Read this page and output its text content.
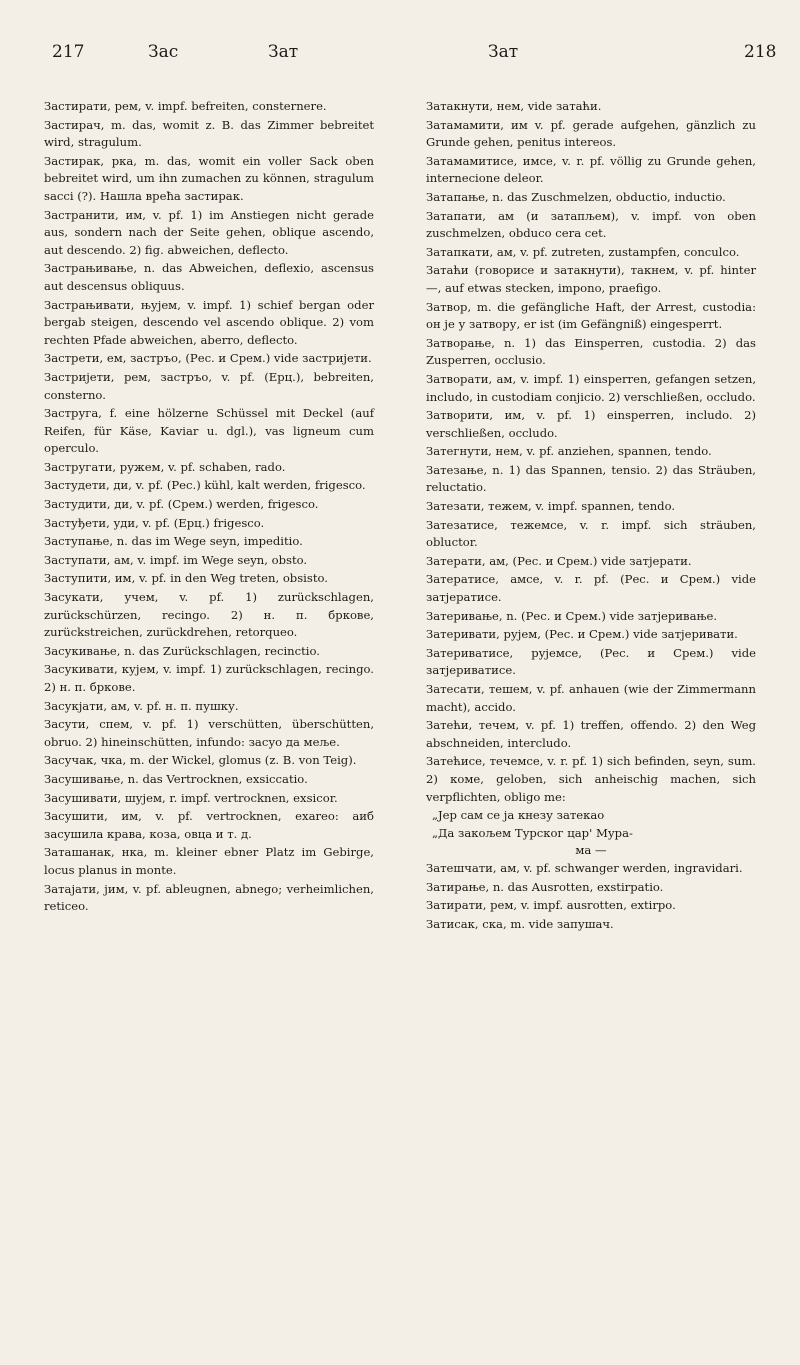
217	Зас	Зат	Зат	218

Застирати, рем, v. impf. befreiten, consternere.

Застирач, m. das, womit z. B. das Zimmer bebreitet wird, stragulum.

Застирак, рка, m. das, womit ein voller Sack oben bebreitet wird, um ihn zumachen zu können, stragulum sacci (?). Нашла вреħа застирак.

Застранити, им, v. pf. 1) im Anstiegen nicht gerade aus, sondern nach der Seite gehen, oblique ascendo, aut descendo. 2) fig. abweichen, deflecto.

Застрањивање, n. das Abweichen, deflexio, ascensus aut descensus obliquus.

Застрањивати, њујем, v. impf. 1) schief bergan oder bergab steigen, descendo vel ascendo oblique. 2) vom rechten Pfade abweichen, aberro, deflecto.

Застрети, ем, застръо, (Рес. и Срем.) vide застријети.

Застријети, рем, застръо, v. pf. (Ерц.), bebreiten, consterno.

Заструга, f. eine hölzerne Schüssel mit Deckel (auf Reifen, für Käse, Kaviar u. dgl.), vas ligneum cum operculo.

Застругати, ружем, v. pf. schaben, rado.

Застудети, ди, v. pf. (Рес.) kühl, kalt werden, frigesco.

Застудити, ди, v. pf. (Срем.) werden, frigesco.

Застуђети, уди, v. pf. (Ерц.) frigesco.

Заступање, n. das im Wege seyn, impeditio.

Заступати, ам, v. impf. im Wege seyn, obsto.

Заступити, им, v. pf. in den Weg treten, obsisto.

Засукати, учем, v. pf. 1) zurückschlagen, zurückschürzen, recingo. 2) н. п. бркове, zurückstreichen, zurückdrehen, retorqueo.

Засукивање, n. das Zurückschlagen, recinctio.

Засукивати, кујем, v. impf. 1) zurückschlagen, recingo. 2) н. п. бркове.

Засукјати, ам, v. pf. н. п. пушку.

Засути, спем, v. pf. 1) verschütten, überschütten, obruo. 2) hineinschütten, infundo: засуо да меље.

Засучак, чка, m. der Wickel, glomus (z. B. von Teig).

Засушивање, n. das Vertrocknen, exsiccatio.

Засушивати, шујем, r. impf. vertrocknen, exsicor.

Засушити, им, v. pf. vertrocknen, exareo: аиб засушила крава, коза, овца и т. д.

Заташанак, нка, m. kleiner ebner Platz im Gebirge, locus planus in monte.

Затајати, јим, v. pf. ableugnen, abnego; verheimlichen, reticeo.

Затакнути, нем, vide затаћи.

Затамамити, им v. pf. gerade aufgehen, gänzlich zu Grunde gehen, penitus intereos.

Затамамитисе, имсе, v. r. pf. völlig zu Grunde gehen, internecione deleor.

Затапање, n. das Zuschmelzen, obductio, inductio.

Затапати, ам (и затапљем), v. impf. von oben zuschmelzen, obduco cera cet.

Затапкати, ам, v. pf. zutreten, zustampfen, conculco.

Затаћи (говорисе и затакнути), такнем, v. pf. hinter —, auf etwas stecken, impono, praefigo.

Затвор, m. die gefängliche Haft, der Arrest, custodia: он је у затвору, er ist (im Gefängniß) eingesperrt.

Затворање, n. 1) das Einsperren, custodia. 2) das Zusperren, occlusio.

Затворати, ам, v. impf. 1) einsperren, gefangen setzen, includo, in custodiam conjicio. 2) verschließen, occludo.

Затворити, им, v. pf. 1) einsperren, includo. 2) verschließen, occludo.

Затегнути, нем, v. pf. anziehen, spannen, tendo.

Затезање, n. 1) das Spannen, tensio. 2) das Sträuben, reluctatio.

Затезати, тежем, v. impf. spannen, tendo.

Затезатисе, тежемсе, v. r. impf. sich sträuben, obluctor.

Затерати, ам, (Рес. и Срем.) vide затјерати.

Затератисе, амсе, v. r. pf. (Рес. и Срем.) vide затјератисе.

Затеривање, n. (Рес. и Срем.) vide затјеривање.

Затеривати, рујем, (Рес. и Срем.) vide затјеривати.

Затериватисе, рујемсе, (Рес. и Срем.) vide затјериватисе.

Затесати, тешем, v. pf. anhauen (wie der Zimmermann macht), accido.

Затећи, течем, v. pf. 1) treffen, offendo. 2) den Weg abschneiden, intercludo.

Затећисе, течемсе, v. r. pf. 1) sich befinden, seyn, sum. 2) коме, geloben, sich anheischig machen, sich verpflichten, obligo me:

„Јер сам се ја кнезу затекао

„Да закољем Турског цар' Мура-

ма —

Затешчати, ам, v. pf. schwanger werden, ingravidari.

Затирање, n. das Ausrotten, exstirpatio.

Затирати, рем, v. impf. ausrotten, extirpo.

Затисак, ска, m. vide запушач.
